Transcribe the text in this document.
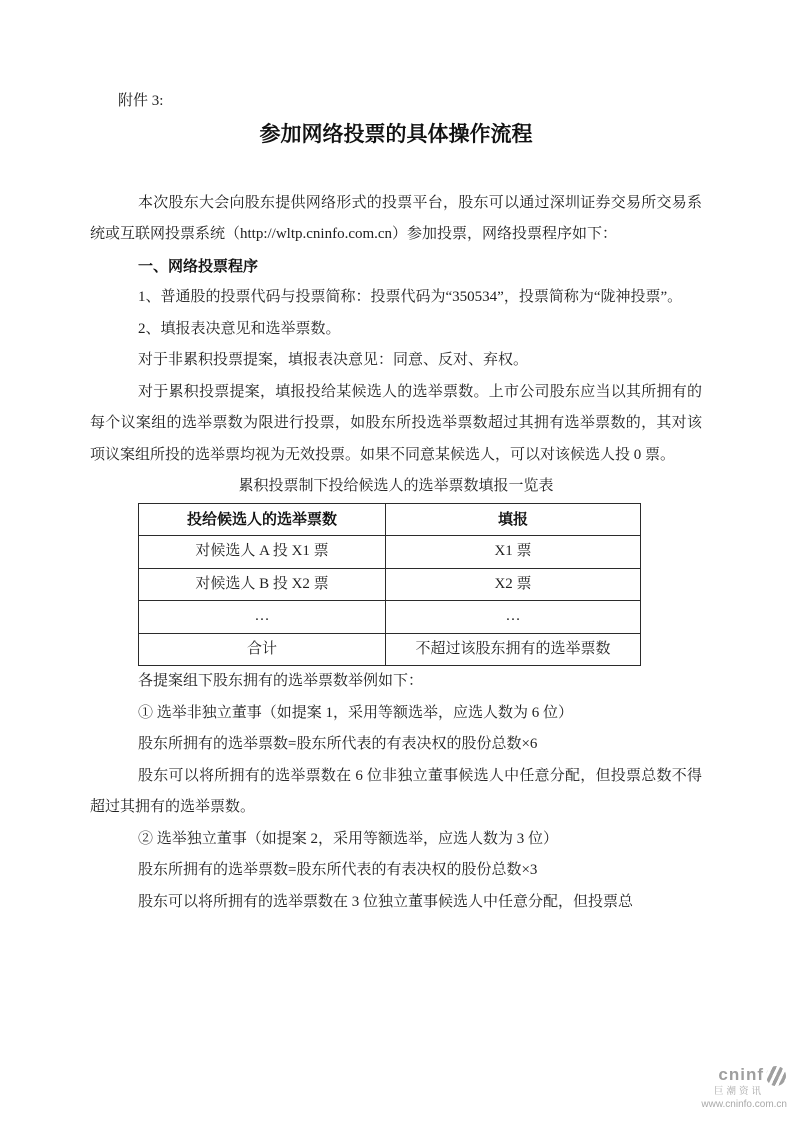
附件 3:

参加网络投票的具体操作流程

本次股东大会向股东提供网络形式的投票平台，股东可以通过深圳证券交易所交易系统或互联网投票系统（http://wltp.cninfo.com.cn）参加投票，网络投票程序如下：

一、网络投票程序

1、普通股的投票代码与投票简称：投票代码为“350534”，投票简称为“陇神投票”。

2、填报表决意见和选举票数。

对于非累积投票提案，填报表决意见：同意、反对、弃权。

对于累积投票提案，填报投给某候选人的选举票数。上市公司股东应当以其所拥有的每个议案组的选举票数为限进行投票，如股东所投选举票数超过其拥有选举票数的，其对该项议案组所投的选举票均视为无效投票。如果不同意某候选人，可以对该候选人投 0 票。

累积投票制下投给候选人的选举票数填报一览表

投给候选人的选举票数	填报
对候选人 A 投 X1 票	X1 票
对候选人 B 投 X2 票	X2 票
…	…
合计	不超过该股东拥有的选举票数

各提案组下股东拥有的选举票数举例如下：

① 选举非独立董事（如提案 1，采用等额选举，应选人数为 6 位）

股东所拥有的选举票数=股东所代表的有表决权的股份总数×6

股东可以将所拥有的选举票数在 6 位非独立董事候选人中任意分配，但投票总数不得超过其拥有的选举票数。

② 选举独立董事（如提案 2，采用等额选举，应选人数为 3 位）

股东所拥有的选举票数=股东所代表的有表决权的股份总数×3

股东可以将所拥有的选举票数在 3 位独立董事候选人中任意分配，但投票总

cninf
巨潮资讯
www.cninfo.com.cn
